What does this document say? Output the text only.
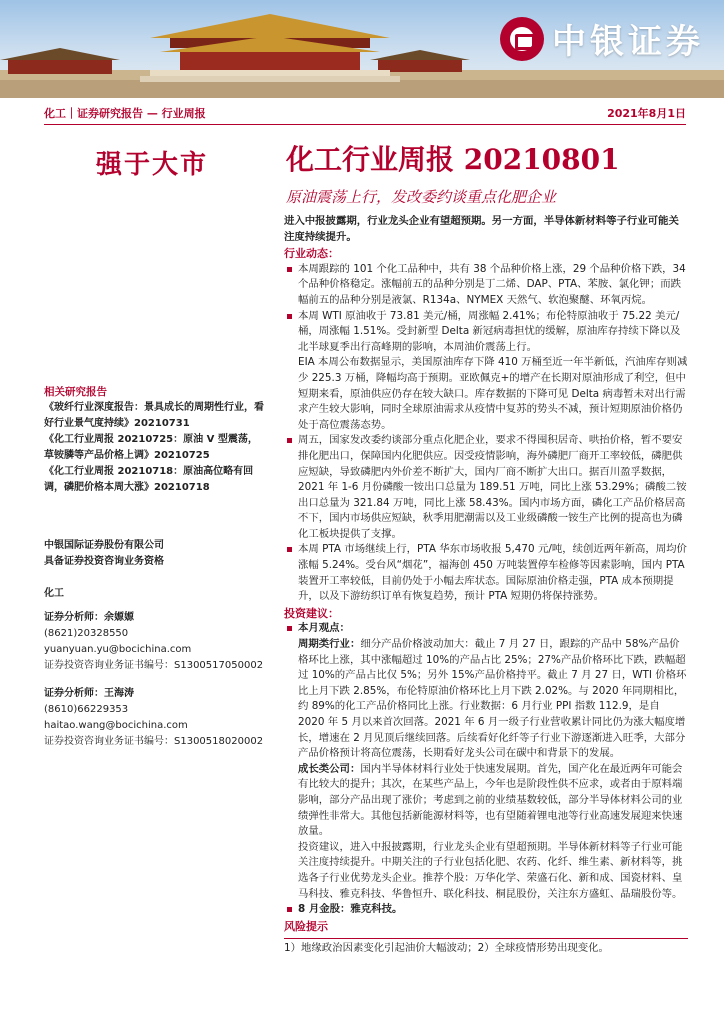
中银证券
化工｜证券研究报告 — 行业周报	2021年8月1日
强于大市	化工行业周报 20210801
原油震荡上行，发改委约谈重点化肥企业

相关研究报告

《玻纤行业深度报告：景具成长的周期性行业，看好行业景气度持续》20210731

《化工行业周报 20210725：原油 V 型震荡，草铵膦等产品价格上调》20210725

《化工行业周报 20210718：原油高位略有回调，磷肥价格本周大涨》20210718

中银国际证券股份有限公司

具备证券投资咨询业务资格

化工

证券分析师：余嫄嫄

(8621)20328550

yuanyuan.yu@bocichina.com

证券投资咨询业务证书编号：S1300517050002

证券分析师：王海涛

(8610)66229353

haitao.wang@bocichina.com

证券投资咨询业务证书编号：S1300518020002

进入中报披露期，行业龙头企业有望超预期。另一方面，半导体新材料等子行业可能关注度持续提升。

行业动态：

本周跟踪的 101 个化工品种中，共有 38 个品种价格上涨，29 个品种价格下跌，34 个品种价格稳定。涨幅前五的品种分别是丁二烯、DAP、PTA、苯胺、氯化钾；而跌幅前五的品种分别是液氯、R134a、NYMEX 天然气、软泡聚醚、环氧丙烷。

本周 WTI 原油收于 73.81 美元/桶，周涨幅 2.41%；布伦特原油收于 75.22 美元/桶，周涨幅 1.51%。受封新型 Delta 新冠病毒担忧的缓解，原油库存持续下降以及北半球夏季出行高峰期的影响，本周油价震荡上行。

EIA 本周公布数据显示，美国原油库存下降 410 万桶至近一年半新低，汽油库存则减少 225.3 万桶，降幅均高于预期。亚欧佩克+的增产在长期对原油形成了利空，但中短期来看，原油供应仍存在较大缺口。库存数据的下降可见 Delta 病毒暂未对出行需求产生较大影响，同时全球原油需求从疫情中复苏的势头不减，预计短期原油价格仍处于高位震荡态势。

周五，国家发改委约谈部分重点化肥企业，要求不得囤积居奇、哄抬价格，暂不要安排化肥出口，保障国内化肥供应。因受疫情影响，海外磷肥厂商开工率较低，磷肥供应短缺，导致磷肥内外价差不断扩大，国内厂商不断扩大出口。据百川盈孚数据，2021 年 1-6 月份磷酸一铵出口总量为 189.51 万吨，同比上涨 53.29%；磷酸二铵出口总量为 321.84 万吨，同比上涨 58.43%。国内市场方面，磷化工产品价格居高不下，国内市场供应短缺，秋季用肥潮需以及工业级磷酸一铵生产比例的提高也为磷化工板块提供了支撑。

本周 PTA 市场继续上行，PTA 华东市场收报 5,470 元/吨，续创近两年新高，周均价涨幅 5.24%。受台风“烟花”，福海创 450 万吨装置停车检修等因素影响，国内 PTA 装置开工率较低，目前仍处于小幅去库状态。国际原油价格走强，PTA 成本预期提升，以及下游纺织订单有恢复趋势，预计 PTA 短期仍将保持涨势。

投资建议：

本月观点：

周期类行业：细分产品价格波动加大：截止 7 月 27 日，跟踪的产品中 58%产品价格环比上涨，其中涨幅超过 10%的产品占比 25%；27%产品价格环比下跌，跌幅超过 10%的产品占比仅 5%；另外 15%产品价格持平。截止 7 月 27 日，WTI 价格环比上月下跌 2.85%，布伦特原油价格环比上月下跌 2.02%。与 2020 年同期相比，约 89%的化工产品价格同比上涨。行业数据：6 月行业 PPI 指数 112.9，是自 2020 年 5 月以来首次回落。2021 年 6 月一级子行业营收累计同比仍为涨大幅度增长，增速在 2 月见顶后继续回落。后续看好化纤等子行业下游逐渐进入旺季，大部分产品价格预计将高位震荡，长期看好龙头公司在碳中和背景下的发展。

成长类公司：国内半导体材料行业处于快速发展期。首先，国产化在最近两年可能会有比较大的提升；其次，在某些产品上，今年也是阶段性供不应求，或者由于原料端影响，部分产品出现了涨价；考虑到之前的业绩基数较低，部分半导体材料公司的业绩弹性非常大。其他包括新能源材料等，也有望随着锂电池等行业高速发展迎来快速放量。

投资建议，进入中报披露期，行业龙头企业有望超预期。半导体新材料等子行业可能关注度持续提升。中期关注的子行业包括化肥、农药、化纤、维生素、新材料等，挑选各子行业优势龙头企业。推荐个股：万华化学、荣盛石化、新和成、国瓷材料、皇马科技、雅克科技、华鲁恒升、联化科技、桐昆股份，关注东方盛虹、晶瑞股份等。

8 月金股：雅克科技。

风险提示

1）地缘政治因素变化引起油价大幅波动；2）全球疫情形势出现变化。
